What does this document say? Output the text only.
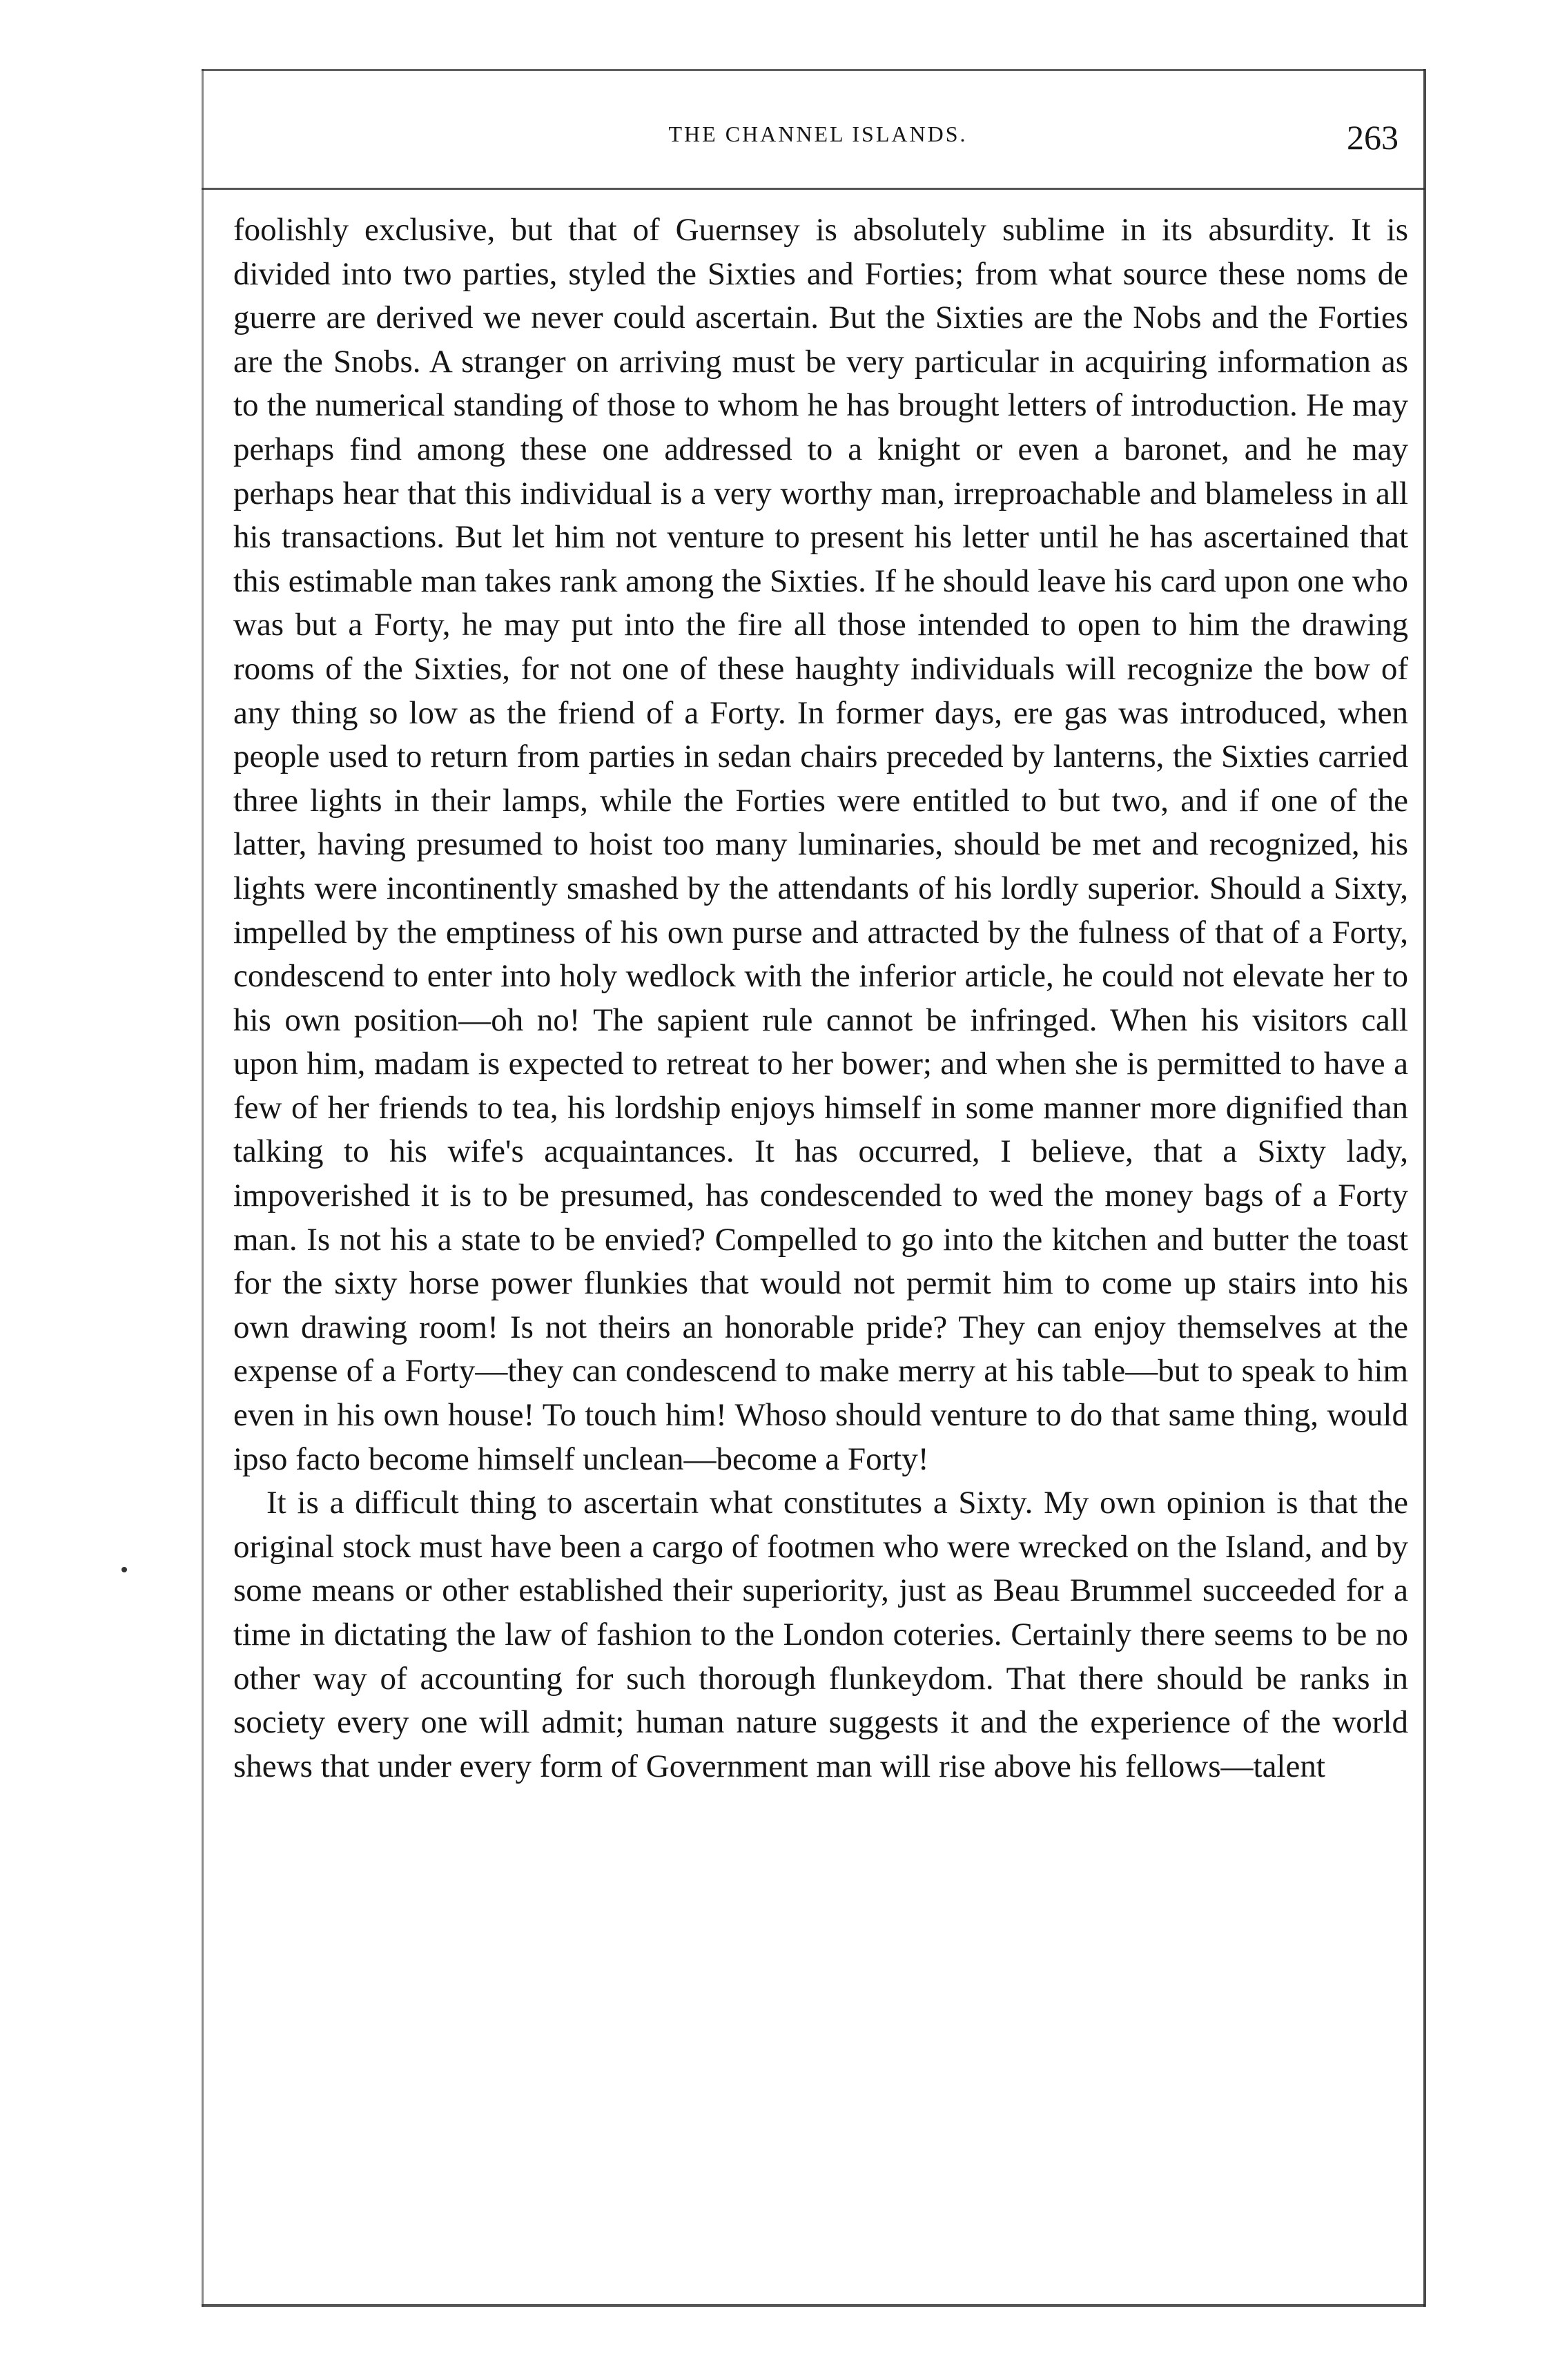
THE CHANNEL ISLANDS.	263

foolishly exclusive, but that of Guernsey is absolutely sublime in its absurdity. It is divided into two parties, styled the Sixties and Forties; from what source these noms de guerre are derived we never could ascertain. But the Sixties are the Nobs and the Forties are the Snobs. A stranger on arriving must be very particular in acquiring information as to the numerical standing of those to whom he has brought letters of introduction. He may perhaps find among these one addressed to a knight or even a baronet, and he may perhaps hear that this individual is a very worthy man, irreproachable and blameless in all his transactions. But let him not venture to present his letter until he has ascertained that this estimable man takes rank among the Sixties. If he should leave his card upon one who was but a Forty, he may put into the fire all those intended to open to him the drawing rooms of the Sixties, for not one of these haughty individuals will recognize the bow of any thing so low as the friend of a Forty. In former days, ere gas was introduced, when people used to return from parties in sedan chairs preceded by lanterns, the Sixties carried three lights in their lamps, while the Forties were entitled to but two, and if one of the latter, having presumed to hoist too many luminaries, should be met and recognized, his lights were incontinently smashed by the attendants of his lordly superior. Should a Sixty, impelled by the emptiness of his own purse and attracted by the fulness of that of a Forty, condescend to enter into holy wedlock with the inferior article, he could not elevate her to his own position—oh no! The sapient rule cannot be infringed. When his visitors call upon him, madam is expected to retreat to her bower; and when she is permitted to have a few of her friends to tea, his lordship enjoys himself in some manner more dignified than talking to his wife's acquaintances. It has occurred, I believe, that a Sixty lady, impoverished it is to be presumed, has condescended to wed the money bags of a Forty man. Is not his a state to be envied? Compelled to go into the kitchen and butter the toast for the sixty horse power flunkies that would not permit him to come up stairs into his own drawing room! Is not theirs an honorable pride? They can enjoy themselves at the expense of a Forty—they can condescend to make merry at his table—but to speak to him even in his own house! To touch him! Whoso should venture to do that same thing, would ipso facto become himself unclean—become a Forty!

It is a difficult thing to ascertain what constitutes a Sixty. My own opinion is that the original stock must have been a cargo of footmen who were wrecked on the Island, and by some means or other established their superiority, just as Beau Brummel succeeded for a time in dictating the law of fashion to the London coteries. Certainly there seems to be no other way of accounting for such thorough flunkeydom. That there should be ranks in society every one will admit; human nature suggests it and the experience of the world shews that under every form of Government man will rise above his fellows—talent
